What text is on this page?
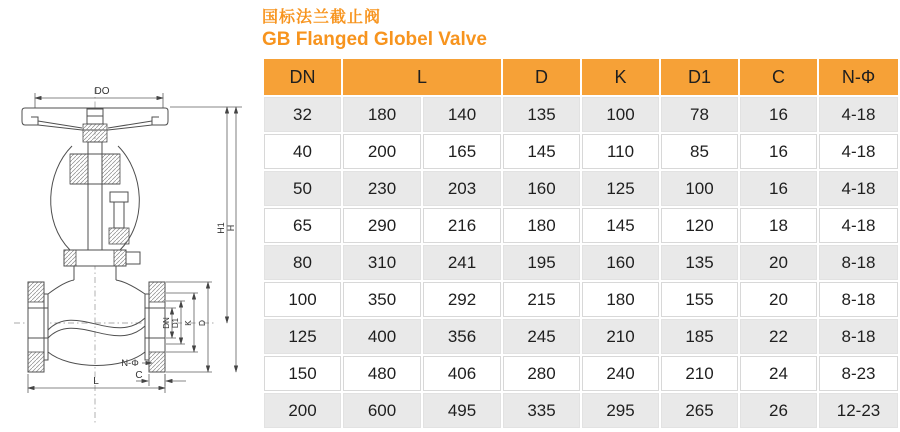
国标法兰截止阀
GB Flanged Globel Valve
DN	L		D	K	D1	C	N-Φ
32	180	140	135	100	78	16	4-18
40	200	165	145	110	85	16	4-18
50	230	203	160	125	100	16	4-18
65	290	216	180	145	120	18	4-18
80	310	241	195	160	135	20	8-18
100	350	292	215	180	155	20	8-18
125	400	356	245	210	185	22	8-18
150	480	406	280	240	210	24	8-23
200	600	495	335	295	265	26	12-23
DO
DN D1 K D
H1 H
N-Φ
C
L
